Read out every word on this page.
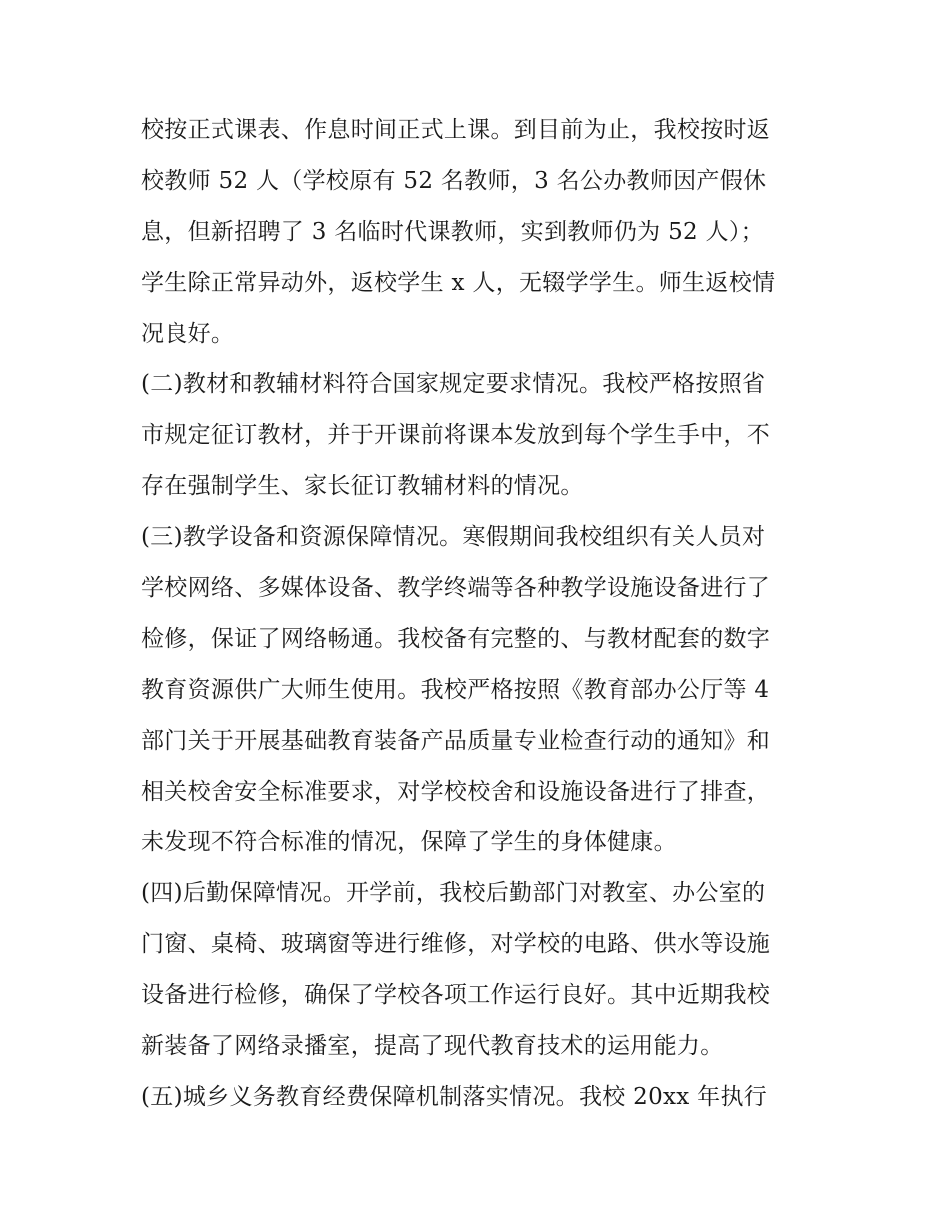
校按正式课表、作息时间正式上课。到目前为止，我校按时返
校教师 52 人（学校原有 52 名教师，3 名公办教师因产假休
息，但新招聘了 3 名临时代课教师，实到教师仍为 52 人）；
学生除正常异动外，返校学生 x 人，无辍学学生。师生返校情
况良好。
(二)教材和教辅材料符合国家规定要求情况。我校严格按照省
市规定征订教材，并于开课前将课本发放到每个学生手中，不
存在强制学生、家长征订教辅材料的情况。
(三)教学设备和资源保障情况。寒假期间我校组织有关人员对
学校网络、多媒体设备、教学终端等各种教学设施设备进行了
检修，保证了网络畅通。我校备有完整的、与教材配套的数字
教育资源供广大师生使用。我校严格按照《教育部办公厅等 4
部门关于开展基础教育装备产品质量专业检查行动的通知》和
相关校舍安全标准要求，对学校校舍和设施设备进行了排查，
未发现不符合标准的情况，保障了学生的身体健康。
(四)后勤保障情况。开学前，我校后勤部门对教室、办公室的
门窗、桌椅、玻璃窗等进行维修，对学校的电路、供水等设施
设备进行检修，确保了学校各项工作运行良好。其中近期我校
新装备了网络录播室，提高了现代教育技术的运用能力。
(五)城乡义务教育经费保障机制落实情况。我校 20xx 年执行
